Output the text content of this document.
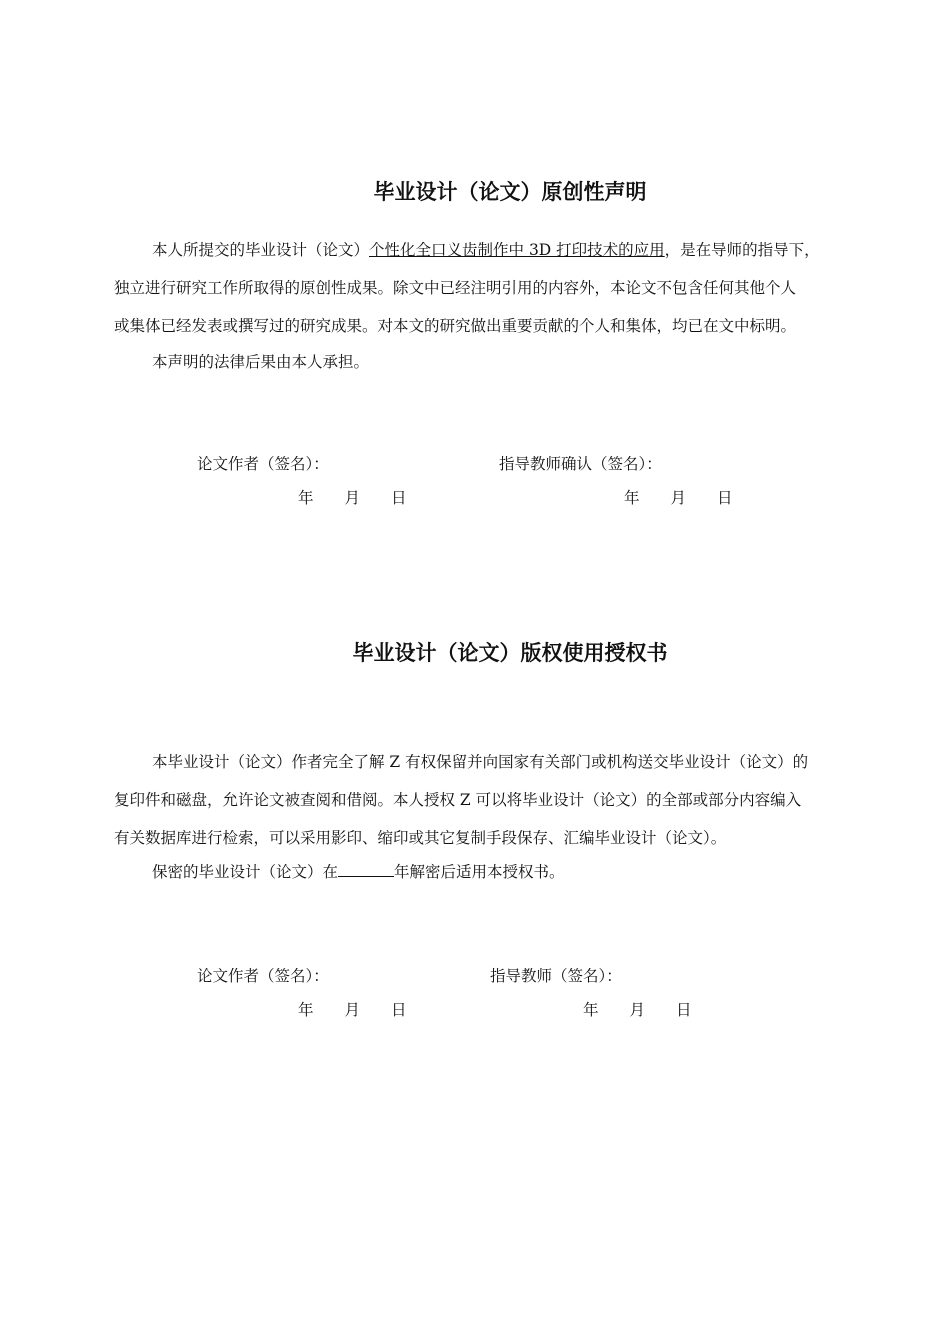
毕业设计（论文）原创性声明
本人所提交的毕业设计（论文）个性化全口义齿制作中 3D 打印技术的应用，是在导师的指导下，
独立进行研究工作所取得的原创性成果。除文中已经注明引用的内容外，本论文不包含任何其他个人
或集体已经发表或撰写过的研究成果。对本文的研究做出重要贡献的个人和集体，均已在文中标明。
本声明的法律后果由本人承担。
论文作者（签名）：	指导教师确认（签名）：
年　　月　　日	年　　月　　日
毕业设计（论文）版权使用授权书
本毕业设计（论文）作者完全了解 Z 有权保留并向国家有关部门或机构送交毕业设计（论文）的
复印件和磁盘，允许论文被查阅和借阅。本人授权 Z 可以将毕业设计（论文）的全部或部分内容编入
有关数据库进行检索，可以采用影印、缩印或其它复制手段保存、汇编毕业设计（论文）。
保密的毕业设计（论文）在	年解密后适用本授权书。
论文作者（签名）：	指导教师（签名）：
年　　月　　日	年　　月　　日
